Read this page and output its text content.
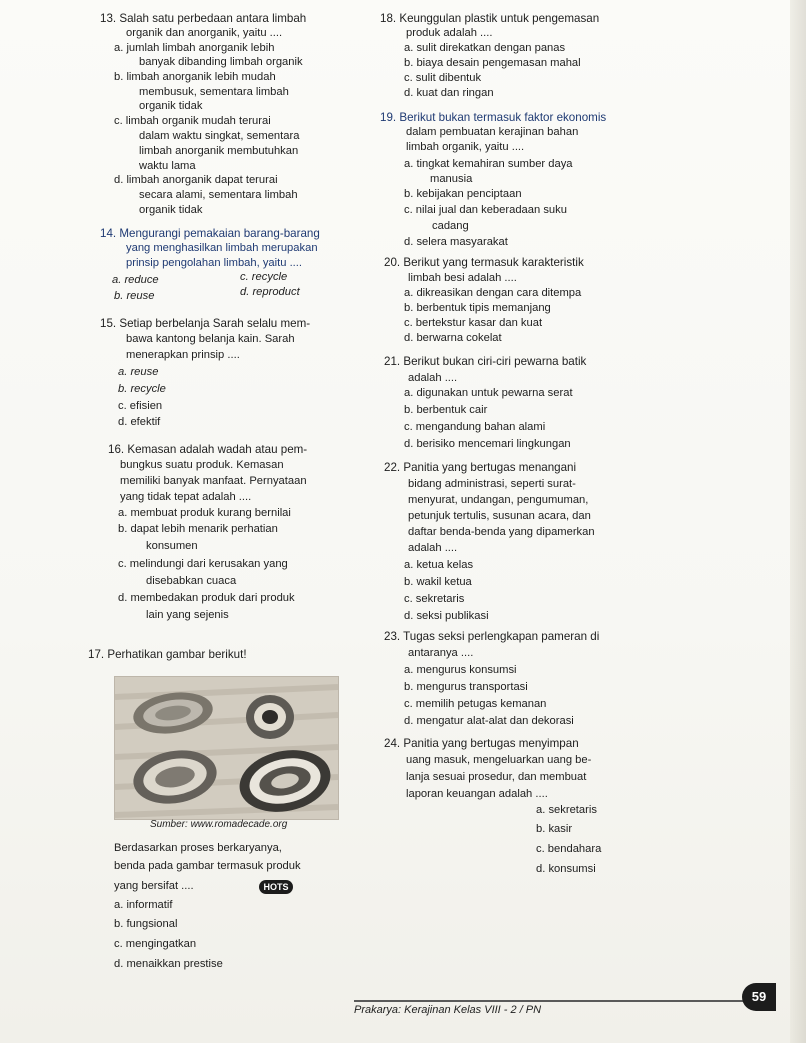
13. Salah satu perbedaan antara limbah
organik dan anorganik, yaitu ....
a. jumlah limbah anorganik lebih
banyak dibanding limbah organik
b. limbah anorganik lebih mudah
membusuk, sementara limbah
organik tidak
c. limbah organik mudah terurai
dalam waktu singkat, sementara
limbah anorganik membutuhkan
waktu lama
d. limbah anorganik dapat terurai
secara alami, sementara limbah
organik tidak
14. Mengurangi pemakaian barang-barang
yang menghasilkan limbah merupakan
prinsip pengolahan limbah, yaitu ....
a. reduce	c. recycle
b. reuse	d. reproduct
15. Setiap berbelanja Sarah selalu mem-
bawa kantong belanja kain. Sarah
menerapkan prinsip ....
a. reuse
b. recycle
c. efisien
d. efektif
16. Kemasan adalah wadah atau pem-
bungkus suatu produk. Kemasan
memiliki banyak manfaat. Pernyataan
yang tidak tepat adalah ....
a. membuat produk kurang bernilai
b. dapat lebih menarik perhatian
konsumen
c. melindungi dari kerusakan yang
disebabkan cuaca
d. membedakan produk dari produk
lain yang sejenis
17. Perhatikan gambar berikut!
Sumber: www.romadecade.org
Berdasarkan proses berkaryanya,
benda pada gambar termasuk produk
yang bersifat ....	HOTS
a. informatif
b. fungsional
c. mengingatkan
d. menaikkan prestise
18. Keunggulan plastik untuk pengemasan
produk adalah ....
a. sulit direkatkan dengan panas
b. biaya desain pengemasan mahal
c. sulit dibentuk
d. kuat dan ringan
19. Berikut bukan termasuk faktor ekonomis
dalam pembuatan kerajinan bahan
limbah organik, yaitu ....
a. tingkat kemahiran sumber daya
manusia
b. kebijakan penciptaan
c. nilai jual dan keberadaan suku
cadang
d. selera masyarakat
20. Berikut yang termasuk karakteristik
limbah besi adalah ....
a. dikreasikan dengan cara ditempa
b. berbentuk tipis memanjang
c. bertekstur kasar dan kuat
d. berwarna cokelat
21. Berikut bukan ciri-ciri pewarna batik
adalah ....
a. digunakan untuk pewarna serat
b. berbentuk cair
c. mengandung bahan alami
d. berisiko mencemari lingkungan
22. Panitia yang bertugas menangani
bidang administrasi, seperti surat-
menyurat, undangan, pengumuman,
petunjuk tertulis, susunan acara, dan
daftar benda-benda yang dipamerkan
adalah ....
a. ketua kelas
b. wakil ketua
c. sekretaris
d. seksi publikasi
23. Tugas seksi perlengkapan pameran di
antaranya ....
a. mengurus konsumsi
b. mengurus transportasi
c. memilih petugas kemanan
d. mengatur alat-alat dan dekorasi
24. Panitia yang bertugas menyimpan
uang masuk, mengeluarkan uang be-
lanja sesuai prosedur, dan membuat
laporan keuangan adalah ....
a. sekretaris
b. kasir
c. bendahara
d. konsumsi
Prakarya: Kerajinan Kelas VIII - 2 / PN
59
